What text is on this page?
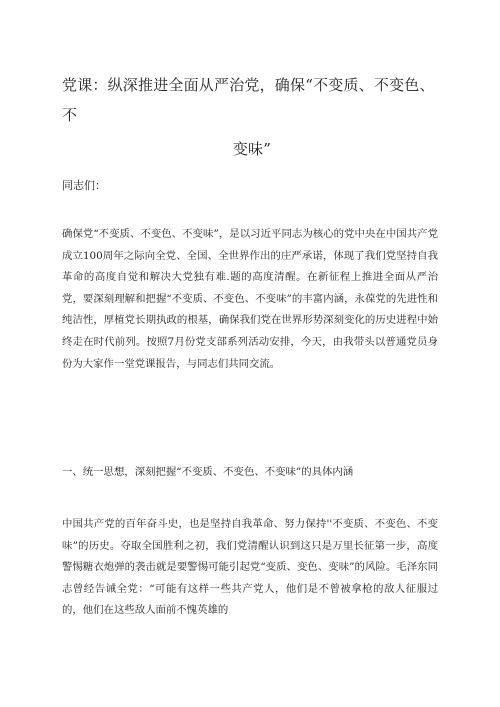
党课：纵深推进全面从严治党，确保“不变质、不变色、不
变味”
同志们：

确保党“不变质、不变色、不变味”，是以习近平同志为核心的党中央在中国共产党成立100周年之际向全党、全国、全世界作出的庄严承诺，体现了我们党坚持自我革命的高度自觉和解决大党独有难.题的高度清醒。在新征程上推进全面从严治党，要深刻理解和把握“不变质、不变色、不变味”的丰富内涵，永葆党的先进性和纯洁性，厚植党长期执政的根基，确保我们党在世界形势深刻变化的历史进程中始终走在时代前列。按照7月份党支部系列活动安排，今天，由我带头以普通党员身份为大家作一堂党课报告，与同志们共同交流。

一、统一思想，深刻把握“不变质、不变色、不变味”的具体内涵

中国共产党的百年奋斗史，也是坚持自我革命、努力保持''不变质、不变色、不变味”的历史。夺取全国胜利之初，我们党清醒认识到这只是万里长征第一步，高度警惕糖衣炮弹的袭击就是要警惕可能引起党“变质、变色、变味”的风险。毛泽东同志曾经告诫全党：“可能有这样一些共产党人，他们是不曾被拿枪的敌人征服过的，他们在这些敌人面前不愧英雄的
